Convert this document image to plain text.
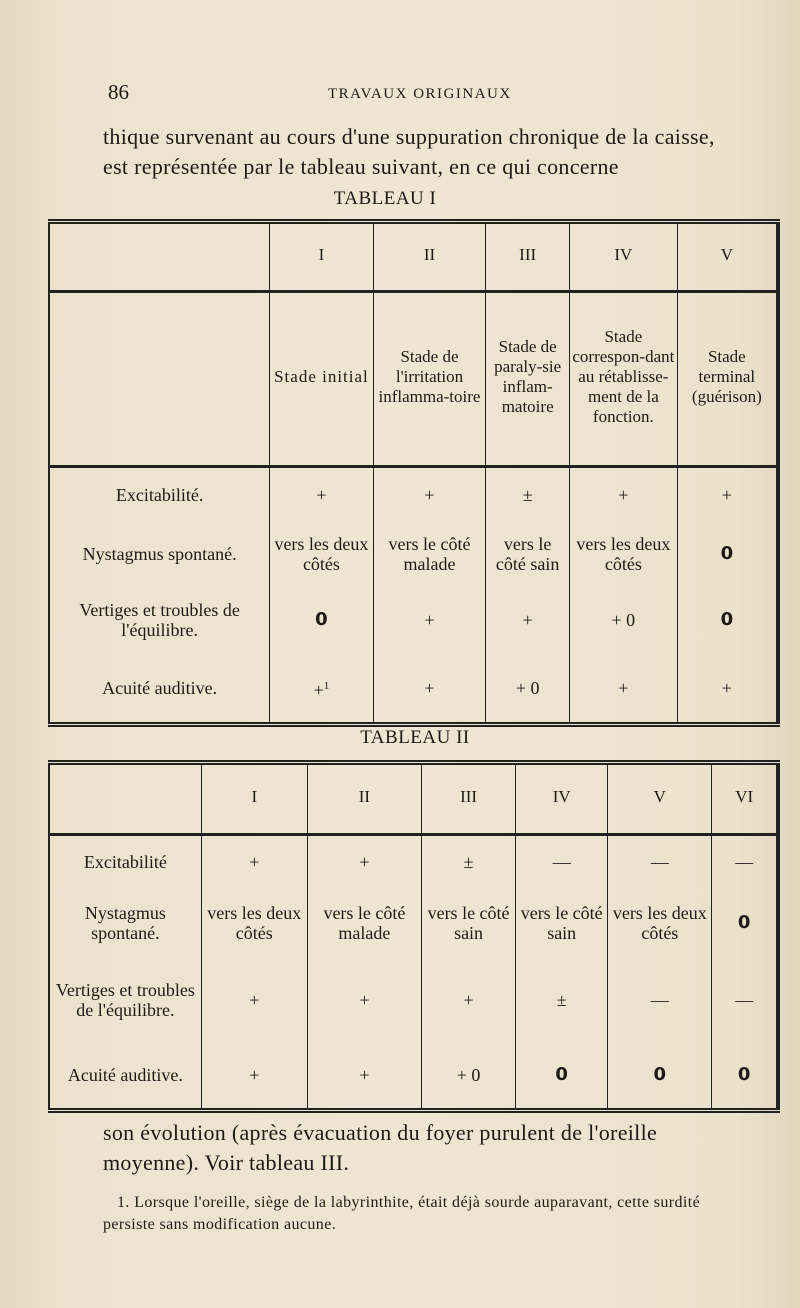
86	TRAVAUX ORIGINAUX
thique survenant au cours d'une suppuration chronique de la caisse, est représentée par le tableau suivant, en ce qui concerne
TABLEAU I
	I	II	III	IV	V

	Stade initial	Stade de l'irritation inflamma-toire	Stade de paraly-sie inflam-matoire	Stade correspon-dant au rétablisse-ment de la fonction.	Stade terminal (guérison)

Excitabilité.	+	+	±	+	+
Nystagmus spontané.	vers les deux côtés	vers le côté malade	vers le côté sain	vers les deux côtés	0
Vertiges et troubles de l'équilibre.	0	+	+	+ 0	0
Acuité auditive.	+$^1$	+	+ 0	+	+
TABLEAU II
	I	II	III	IV	V	VI

Excitabilité	+	+	±	—	—	—
Nystagmus spontané.	vers les deux côtés	vers le côté malade	vers le côté sain	vers le côté sain	vers les deux côtés	0
Vertiges et troubles de l'équilibre.	+	+	+	±	—	—
Acuité auditive.	+	+	+ 0	0	0	0
son évolution (après évacuation du foyer purulent de l'oreille moyenne). Voir tableau III.
1. Lorsque l'oreille, siège de la labyrinthite, était déjà sourde auparavant, cette surdité persiste sans modification aucune.
